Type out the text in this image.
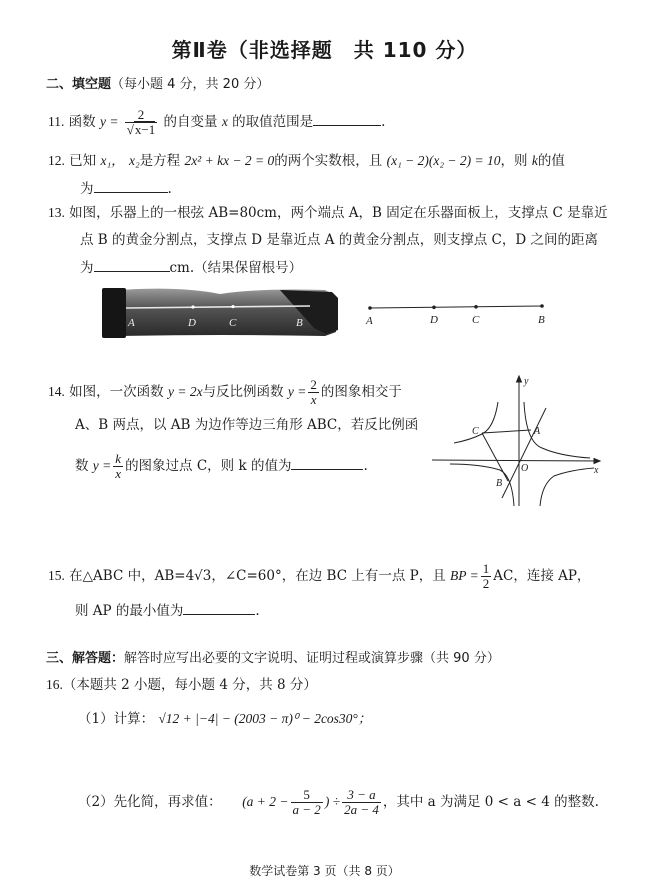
第Ⅱ卷（非选择题　共 110 分）
二、填空题（每小题 4 分，共 20 分）
11. 函数 $y = \frac{2}{√x-1}$ 的自变量 x 的取值范围是	.
12. 已知 x₁， x₂是方程 2x² + kx − 2 = 0的两个实数根，且 (x₁ − 2)(x₂ − 2) = 10，则 k的值
为	.
13. 如图，乐器上的一根弦 AB=80cm，两个端点 A，B 固定在乐器面板上，支撑点 C 是靠近
点 B 的黄金分割点，支撑点 D 是靠近点 A 的黄金分割点，则支撑点 C，D 之间的距离
为	cm.（结果保留根号）
A	D	C	B	A	D	C	B
14. 如图，一次函数 y = 2x与反比例函数 $y = \frac{2}{x}$ 的图象相交于
A、B 两点，以 AB 为边作等边三角形 ABC，若反比例函
数 $y = \frac{k}{x}$ 的图象过点 C，则 k 的值为	.
y
x
O
A
C
B
15. 在△ABC 中，AB=4√3，∠C=60°，在边 BC 上有一点 P，且 BP = $\frac{1}{2}$ AC，连接 AP，
则 AP 的最小值为	.
三、解答题：解答时应写出必要的文字说明、证明过程或演算步骤（共 90 分）
16.（本题共 2 小题，每小题 4 分，共 8 分）
（1）计算： √12 + |−4| − (2003 − π)⁰ − 2cos30°；
（2）先化简，再求值： ($a + 2 - \frac{5}{a - 2}$ ) ÷ $\frac{3 - a}{2a - 4}$ ，其中 a 为满足 0 < a < 4 的整数.
数学试卷第 3 页（共 8 页）
